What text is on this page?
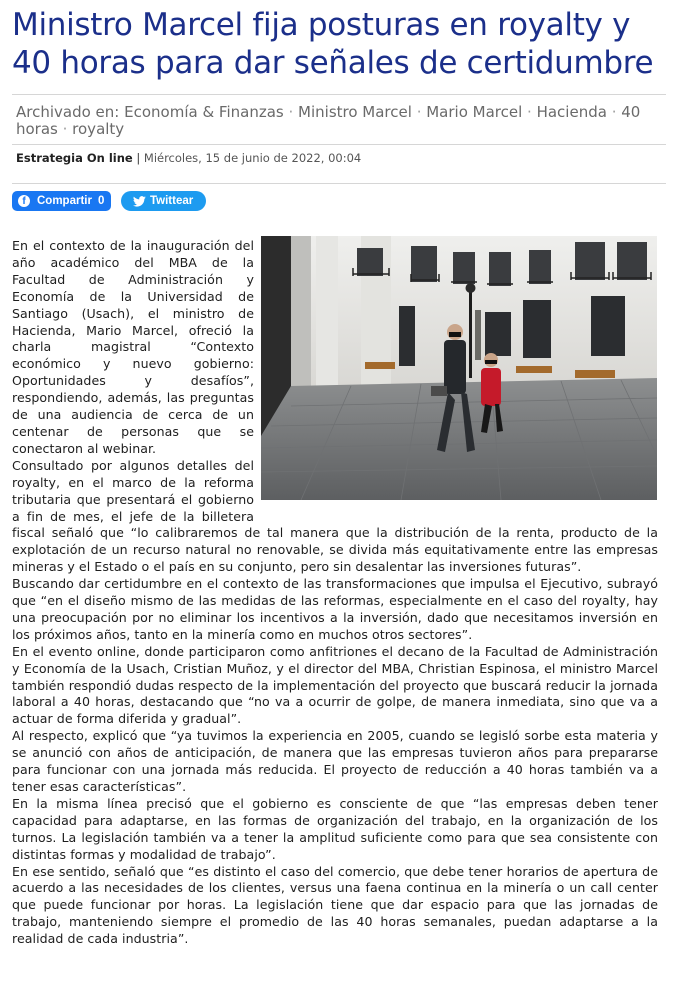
Ministro Marcel fija posturas en royalty y 40 horas para dar señales de certidumbre
Archivado en: Economía & Finanzas · Ministro Marcel · Mario Marcel · Hacienda · 40 horas · royalty
Estrategia On line | Miércoles, 15 de junio de 2022, 00:04
f Compartir 0	Twittear

En el contexto de la inauguración del año académico del MBA de la Facultad de Administración y Economía de la Universidad de Santiago (Usach), el ministro de Hacienda, Mario Marcel, ofreció la charla magistral “Contexto económico y nuevo gobierno: Oportunidades y desafíos”, respondiendo, además, las preguntas de una audiencia de cerca de un centenar de personas que se conectaron al webinar.

Consultado por algunos detalles del royalty, en el marco de la reforma tributaria que presentará el gobierno a fin de mes, el jefe de la billetera fiscal señaló que “lo calibraremos de tal manera que la distribución de la renta, producto de la explotación de un recurso natural no renovable, se divida más equitativamente entre las empresas mineras y el Estado o el país en su conjunto, pero sin desalentar las inversiones futuras”.

Buscando dar certidumbre en el contexto de las transformaciones que impulsa el Ejecutivo, subrayó que “en el diseño mismo de las medidas de las reformas, especialmente en el caso del royalty, hay una preocupación por no eliminar los incentivos a la inversión, dado que necesitamos inversión en los próximos años, tanto en la minería como en muchos otros sectores”.

En el evento online, donde participaron como anfitriones el decano de la Facultad de Administración y Economía de la Usach, Cristian Muñoz, y el director del MBA, Christian Espinosa, el ministro Marcel también respondió dudas respecto de la implementación del proyecto que buscará reducir la jornada laboral a 40 horas, destacando que “no va a ocurrir de golpe, de manera inmediata, sino que va a actuar de forma diferida y gradual”.

Al respecto, explicó que “ya tuvimos la experiencia en 2005, cuando se legisló sorbe esta materia y se anunció con años de anticipación, de manera que las empresas tuvieron años para prepararse para funcionar con una jornada más reducida. El proyecto de reducción a 40 horas también va a tener esas características”.

En la misma línea precisó que el gobierno es consciente de que “las empresas deben tener capacidad para adaptarse, en las formas de organización del trabajo, en la organización de los turnos. La legislación también va a tener la amplitud suficiente como para que sea consistente con distintas formas y modalidad de trabajo”.

En ese sentido, señaló que “es distinto el caso del comercio, que debe tener horarios de apertura de acuerdo a las necesidades de los clientes, versus una faena continua en la minería o un call center que puede funcionar por horas. La legislación tiene que dar espacio para que las jornadas de trabajo, manteniendo siempre el promedio de las 40 horas semanales, puedan adaptarse a la realidad de cada industria”.
